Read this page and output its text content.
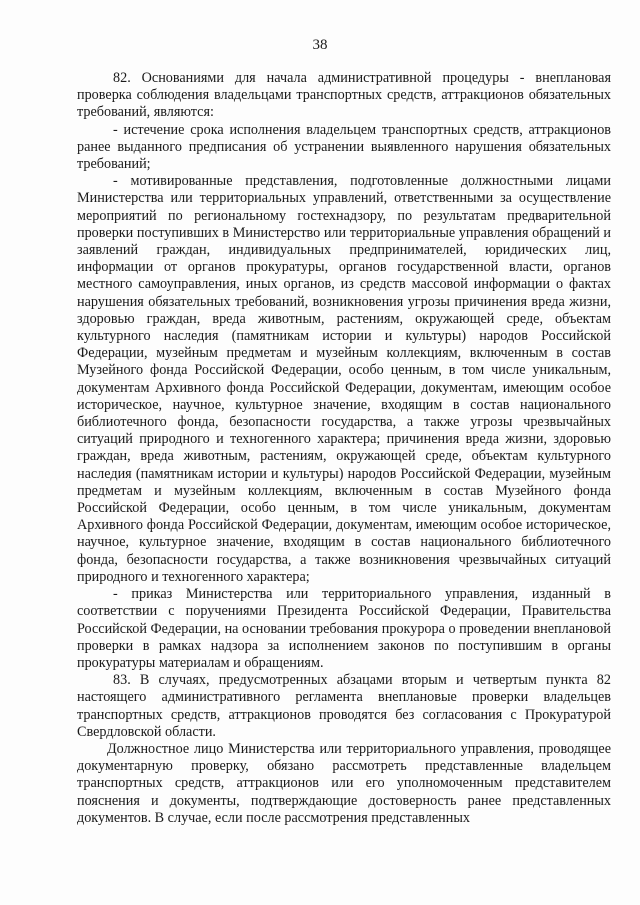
38

82. Основаниями для начала административной процедуры - внеплановая проверка соблюдения владельцами транспортных средств, аттракционов обязательных требований, являются:

- истечение срока исполнения владельцем транспортных средств, аттракционов ранее выданного предписания об устранении выявленного нарушения обязательных требований;

- мотивированные представления, подготовленные должностными лицами Министерства или территориальных управлений, ответственными за осуществление мероприятий по региональному гостехнадзору, по результатам предварительной проверки поступивших в Министерство или территориальные управления обращений и заявлений граждан, индивидуальных предпринимателей, юридических лиц, информации от органов прокуратуры, органов государственной власти, органов местного самоуправления, иных органов, из средств массовой информации о фактах нарушения обязательных требований, возникновения угрозы причинения вреда жизни, здоровью граждан, вреда животным, растениям, окружающей среде, объектам культурного наследия (памятникам истории и культуры) народов Российской Федерации, музейным предметам и музейным коллекциям, включенным в состав Музейного фонда Российской Федерации, особо ценным, в том числе уникальным, документам Архивного фонда Российской Федерации, документам, имеющим особое историческое, научное, культурное значение, входящим в состав национального библиотечного фонда, безопасности государства, а также угрозы чрезвычайных ситуаций природного и техногенного характера; причинения вреда жизни, здоровью граждан, вреда животным, растениям, окружающей среде, объектам культурного наследия (памятникам истории и культуры) народов Российской Федерации, музейным предметам и музейным коллекциям, включенным в состав Музейного фонда Российской Федерации, особо ценным, в том числе уникальным, документам Архивного фонда Российской Федерации, документам, имеющим особое историческое, научное, культурное значение, входящим в состав национального библиотечного фонда, безопасности государства, а также возникновения чрезвычайных ситуаций природного и техногенного характера;

- приказ Министерства или территориального управления, изданный в соответствии с поручениями Президента Российской Федерации, Правительства Российской Федерации, на основании требования прокурора о проведении внеплановой проверки в рамках надзора за исполнением законов по поступившим в органы прокуратуры материалам и обращениям.

83. В случаях, предусмотренных абзацами вторым и четвертым пункта 82 настоящего административного регламента внеплановые проверки владельцев транспортных средств, аттракционов проводятся без согласования с Прокуратурой Свердловской области.

Должностное лицо Министерства или территориального управления, проводящее документарную проверку, обязано рассмотреть представленные владельцем транспортных средств, аттракционов или его уполномоченным представителем пояснения и документы, подтверждающие достоверность ранее представленных документов. В случае, если после рассмотрения представленных
